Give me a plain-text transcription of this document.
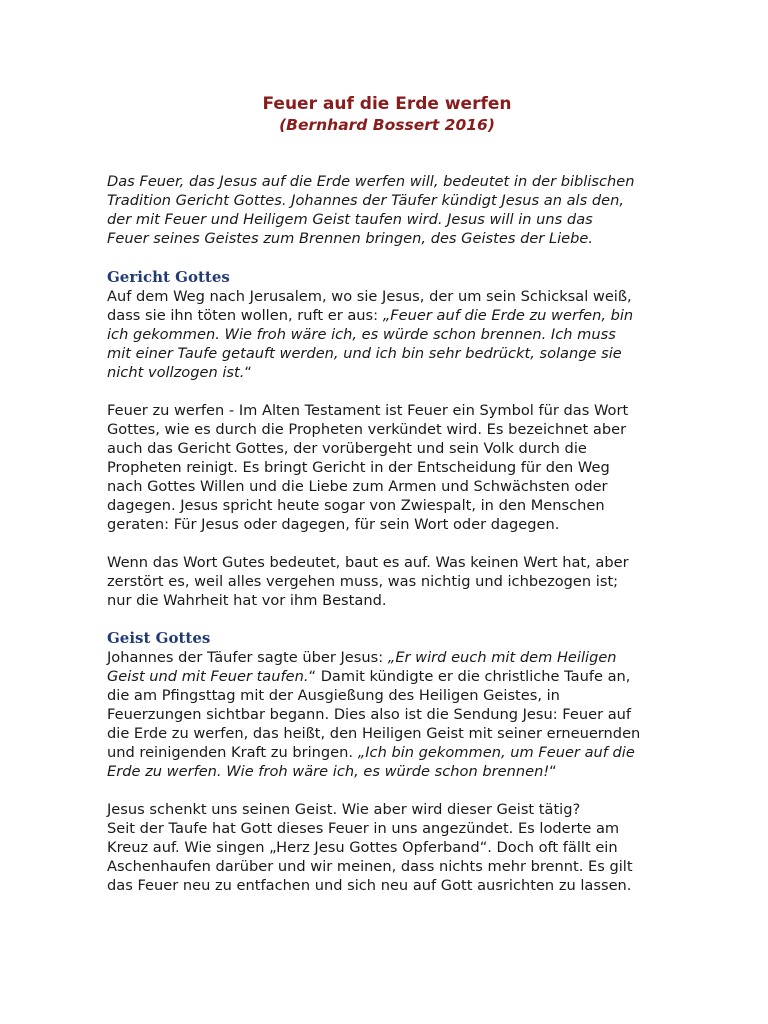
Feuer auf die Erde werfen
(Bernhard Bossert 2016)
Das Feuer, das Jesus auf die Erde werfen will, bedeutet in der biblischen
Tradition Gericht Gottes. Johannes der Täufer kündigt Jesus an als den,
der mit Feuer und Heiligem Geist taufen wird. Jesus will in uns das
Feuer seines Geistes zum Brennen bringen, des Geistes der Liebe.
Gericht Gottes
Auf dem Weg nach Jerusalem, wo sie Jesus, der um sein Schicksal weiß,
dass sie ihn töten wollen, ruft er aus: „Feuer auf die Erde zu werfen, bin
ich gekommen. Wie froh wäre ich, es würde schon brennen. Ich muss
mit einer Taufe getauft werden, und ich bin sehr bedrückt, solange sie
nicht vollzogen ist.“
Feuer zu werfen - Im Alten Testament ist Feuer ein Symbol für das Wort
Gottes, wie es durch die Propheten verkündet wird. Es bezeichnet aber
auch das Gericht Gottes, der vorübergeht und sein Volk durch die
Propheten reinigt. Es bringt Gericht in der Entscheidung für den Weg
nach Gottes Willen und die Liebe zum Armen und Schwächsten oder
dagegen. Jesus spricht heute sogar von Zwiespalt, in den Menschen
geraten: Für Jesus oder dagegen, für sein Wort oder dagegen.
Wenn das Wort Gutes bedeutet, baut es auf. Was keinen Wert hat, aber
zerstört es, weil alles vergehen muss, was nichtig und ichbezogen ist;
nur die Wahrheit hat vor ihm Bestand.
Geist Gottes
Johannes der Täufer sagte über Jesus: „Er wird euch mit dem Heiligen
Geist und mit Feuer taufen.“ Damit kündigte er die christliche Taufe an,
die am Pfingsttag mit der Ausgießung des Heiligen Geistes, in
Feuerzungen sichtbar begann. Dies also ist die Sendung Jesu: Feuer auf
die Erde zu werfen, das heißt, den Heiligen Geist mit seiner erneuernden
und reinigenden Kraft zu bringen. „Ich bin gekommen, um Feuer auf die
Erde zu werfen. Wie froh wäre ich, es würde schon brennen!“
Jesus schenkt uns seinen Geist. Wie aber wird dieser Geist tätig?
Seit der Taufe hat Gott dieses Feuer in uns angezündet. Es loderte am
Kreuz auf. Wie singen „Herz Jesu Gottes Opferband“. Doch oft fällt ein
Aschenhaufen darüber und wir meinen, dass nichts mehr brennt. Es gilt
das Feuer neu zu entfachen und sich neu auf Gott ausrichten zu lassen.
